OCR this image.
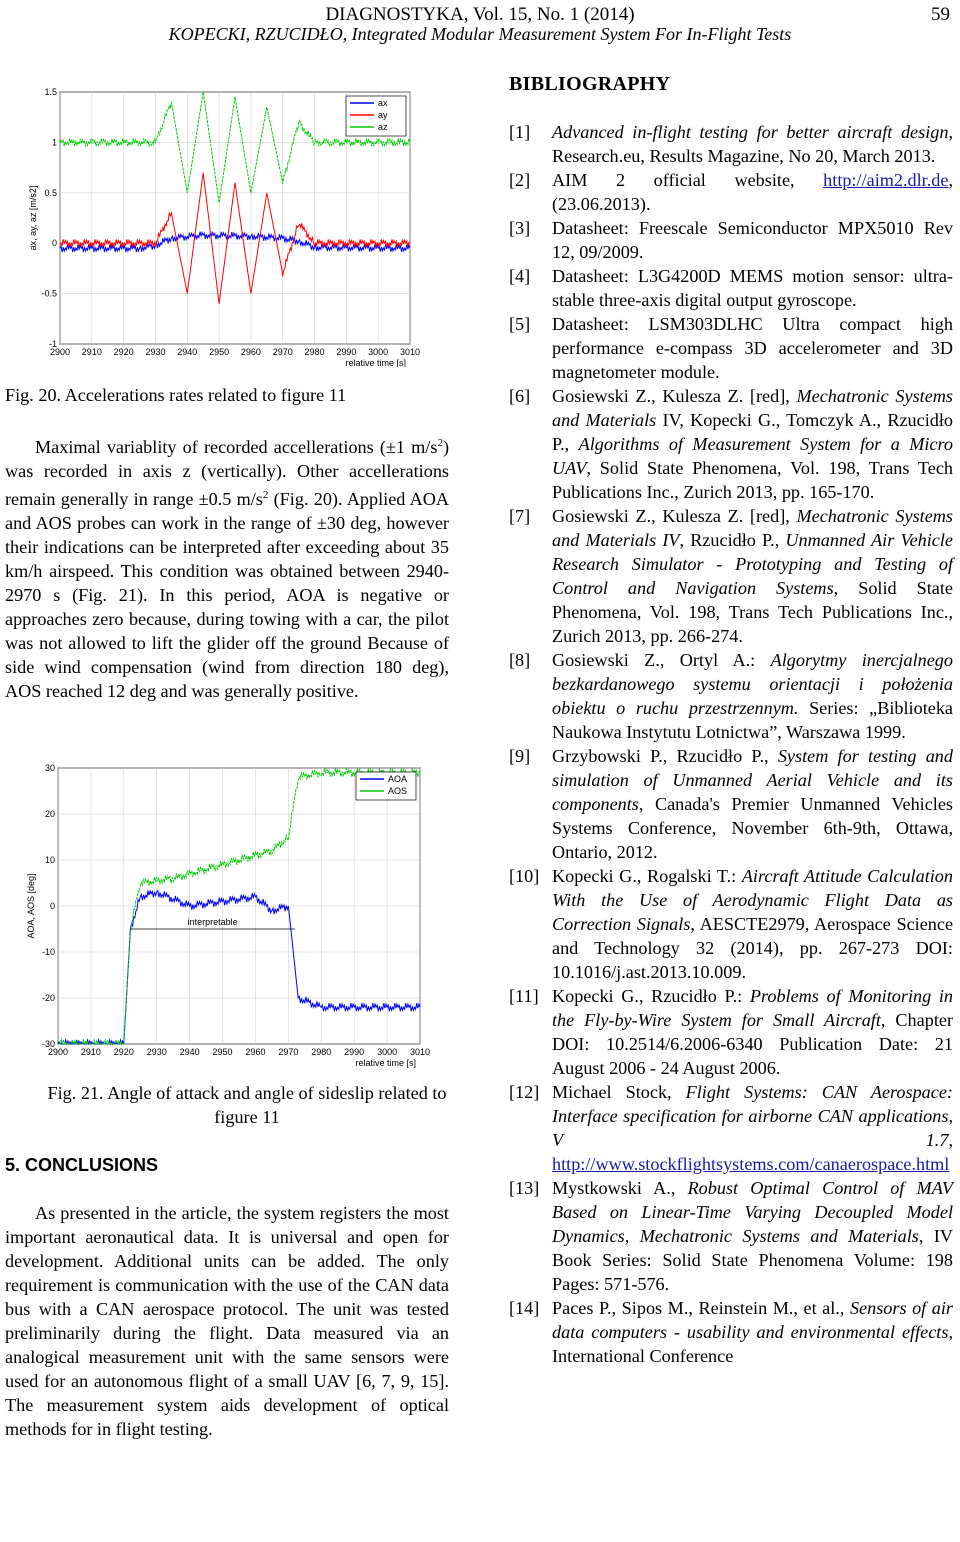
DIAGNOSTYKA, Vol. 15, No. 1 (2014)
KOPECKI, RZUCIDŁO, Integrated Modular Measurement System For In-Flight Tests
59
2900 2910 2920 2930 2940 2950 2960 2970 2980 2990 3000 3010
-1
-0.5
0
0.5
1
1.5
ax
ay
az
relative time [s]
ax, ay, az [m/s2]
Fig. 20. Accelerations rates related to figure 11
Maximal variablity of recorded accellerations (±1 $m/s^2$) was recorded in axis z (vertically). Other accellerations remain generally in range ±0.5 $m/s^2$ (Fig. 20). Applied AOA and AOS probes can work in the range of ±30 deg, however their indications can be interpreted after exceeding about 35 km/h airspeed. This condition was obtained between 2940-2970 s (Fig. 21). In this period, AOA is negative or approaches zero because, during towing with a car, the pilot was not allowed to lift the glider off the ground Because of side wind compensation (wind from direction 180 deg), AOS reached 12 deg and was generally positive.
2900 2910 2920 2930 2940 2950 2960 2970 2980 2990 3000 3010
-30
-20
-10
0
10
20
30
AOA
AOS
relative time [s]
AOA, AOS [deg]	interpretable
Fig. 21. Angle of attack and angle of sideslip related to figure 11
5. CONCLUSIONS
As presented in the article, the system registers the most important aeronautical data. It is universal and open for development. Additional units can be added. The only requirement is communication with the use of the CAN data bus with a CAN aerospace protocol. The unit was tested preliminarily during the flight. Data measured via an analogical measurement unit with the same sensors were used for an autonomous flight of a small UAV [6, 7, 9, 15]. The measurement system aids development of optical methods for in flight testing.
BIBLIOGRAPHY
[1] Advanced in-flight testing for better aircraft design, Research.eu, Results Magazine, No 20, March 2013.
[2] AIM 2 official website, http://aim2.dlr.de, (23.06.2013).
[3] Datasheet: Freescale Semiconductor MPX5010 Rev 12, 09/2009.
[4] Datasheet: L3G4200D MEMS motion sensor: ultra-stable three-axis digital output gyroscope.
[5] Datasheet: LSM303DLHC Ultra compact high performance e-compass 3D accelerometer and 3D magnetometer module.
[6] Gosiewski Z., Kulesza Z. [red], Mechatronic Systems and Materials IV, Kopecki G., Tomczyk A., Rzucidło P., Algorithms of Measurement System for a Micro UAV, Solid State Phenomena, Vol. 198, Trans Tech Publications Inc., Zurich 2013, pp. 165-170.
[7] Gosiewski Z., Kulesza Z. [red], Mechatronic Systems and Materials IV, Rzucidło P., Unmanned Air Vehicle Research Simulator - Prototyping and Testing of Control and Navigation Systems, Solid State Phenomena, Vol. 198, Trans Tech Publications Inc., Zurich 2013, pp. 266-274.
[8] Gosiewski Z., Ortyl A.: Algorytmy inercjalnego bezkardanowego systemu orientacji i położenia obiektu o ruchu przestrzennym. Series: „Biblioteka Naukowa Instytutu Lotnictwa”, Warszawa 1999.
[9] Grzybowski P., Rzucidło P., System for testing and simulation of Unmanned Aerial Vehicle and its components, Canada's Premier Unmanned Vehicles Systems Conference, November 6th-9th, Ottawa, Ontario, 2012.
[10] Kopecki G., Rogalski T.: Aircraft Attitude Calculation With the Use of Aerodynamic Flight Data as Correction Signals, AESCTE2979, Aerospace Science and Technology 32 (2014), pp. 267-273 DOI: 10.1016/j.ast.2013.10.009.
[11] Kopecki G., Rzucidło P.: Problems of Monitoring in the Fly-by-Wire System for Small Aircraft, Chapter DOI: 10.2514/6.2006-6340 Publication Date: 21 August 2006 - 24 August 2006.
[12] Michael Stock, Flight Systems: CAN Aerospace: Interface specification for airborne CAN applications, V 1.7, http://www.stockflightsystems.com/canaerospace.html
[13] Mystkowski A., Robust Optimal Control of MAV Based on Linear-Time Varying Decoupled Model Dynamics, Mechatronic Systems and Materials, IV Book Series: Solid State Phenomena Volume: 198 Pages: 571-576.
[14] Paces P., Sipos M., Reinstein M., et al., Sensors of air data computers - usability and environmental effects, International Conference
